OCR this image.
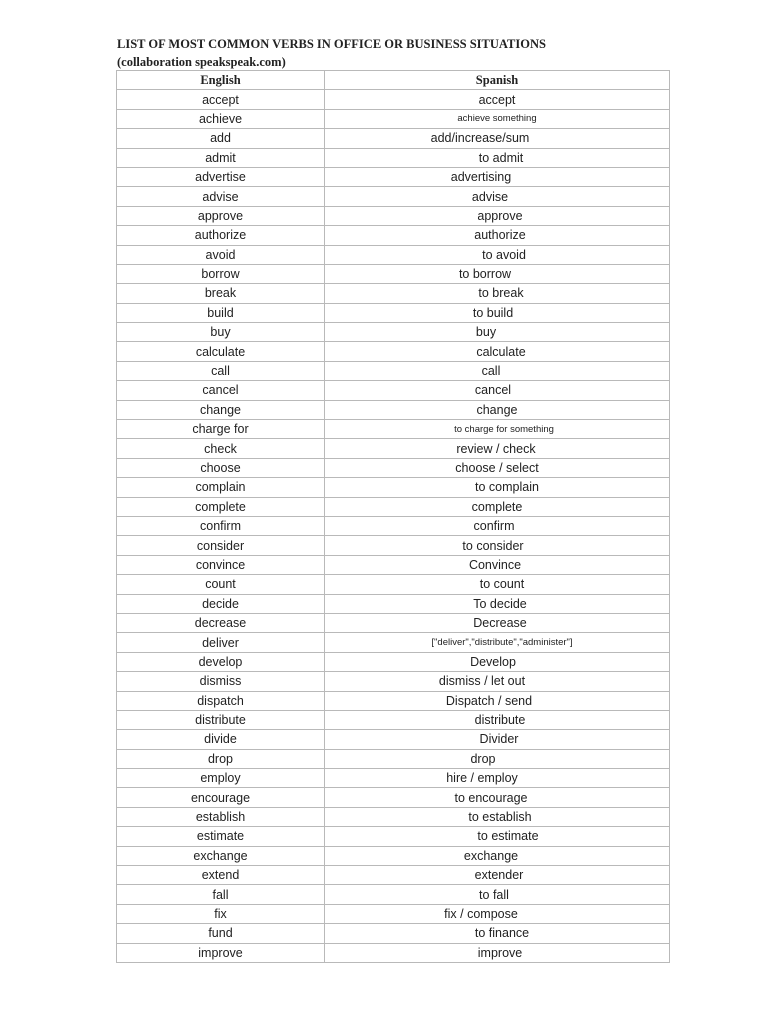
LIST OF MOST COMMON VERBS IN OFFICE OR BUSINESS SITUATIONS
(collaboration speakspeak.com)
English	Spanish
accept	accept
achieve	achieve something
add	add/increase/sum
admit	to admit
advertise	advertising
advise	advise
approve	approve
authorize	authorize
avoid	to avoid
borrow	to borrow
break	to break
build	to build
buy	buy
calculate	calculate
call	call
cancel	cancel
change	change
charge for	to charge for something
check	review / check
choose	choose / select
complain	to complain
complete	complete
confirm	confirm
consider	to consider
convince	Convince
count	to count
decide	To decide
decrease	Decrease
deliver	["deliver","distribute","administer"]
develop	Develop
dismiss	dismiss / let out
dispatch	Dispatch / send
distribute	distribute
divide	Divider
drop	drop
employ	hire / employ
encourage	to encourage
establish	to establish
estimate	to estimate
exchange	exchange
extend	extender
fall	to fall
fix	fix / compose
fund	to finance
improve	improve
